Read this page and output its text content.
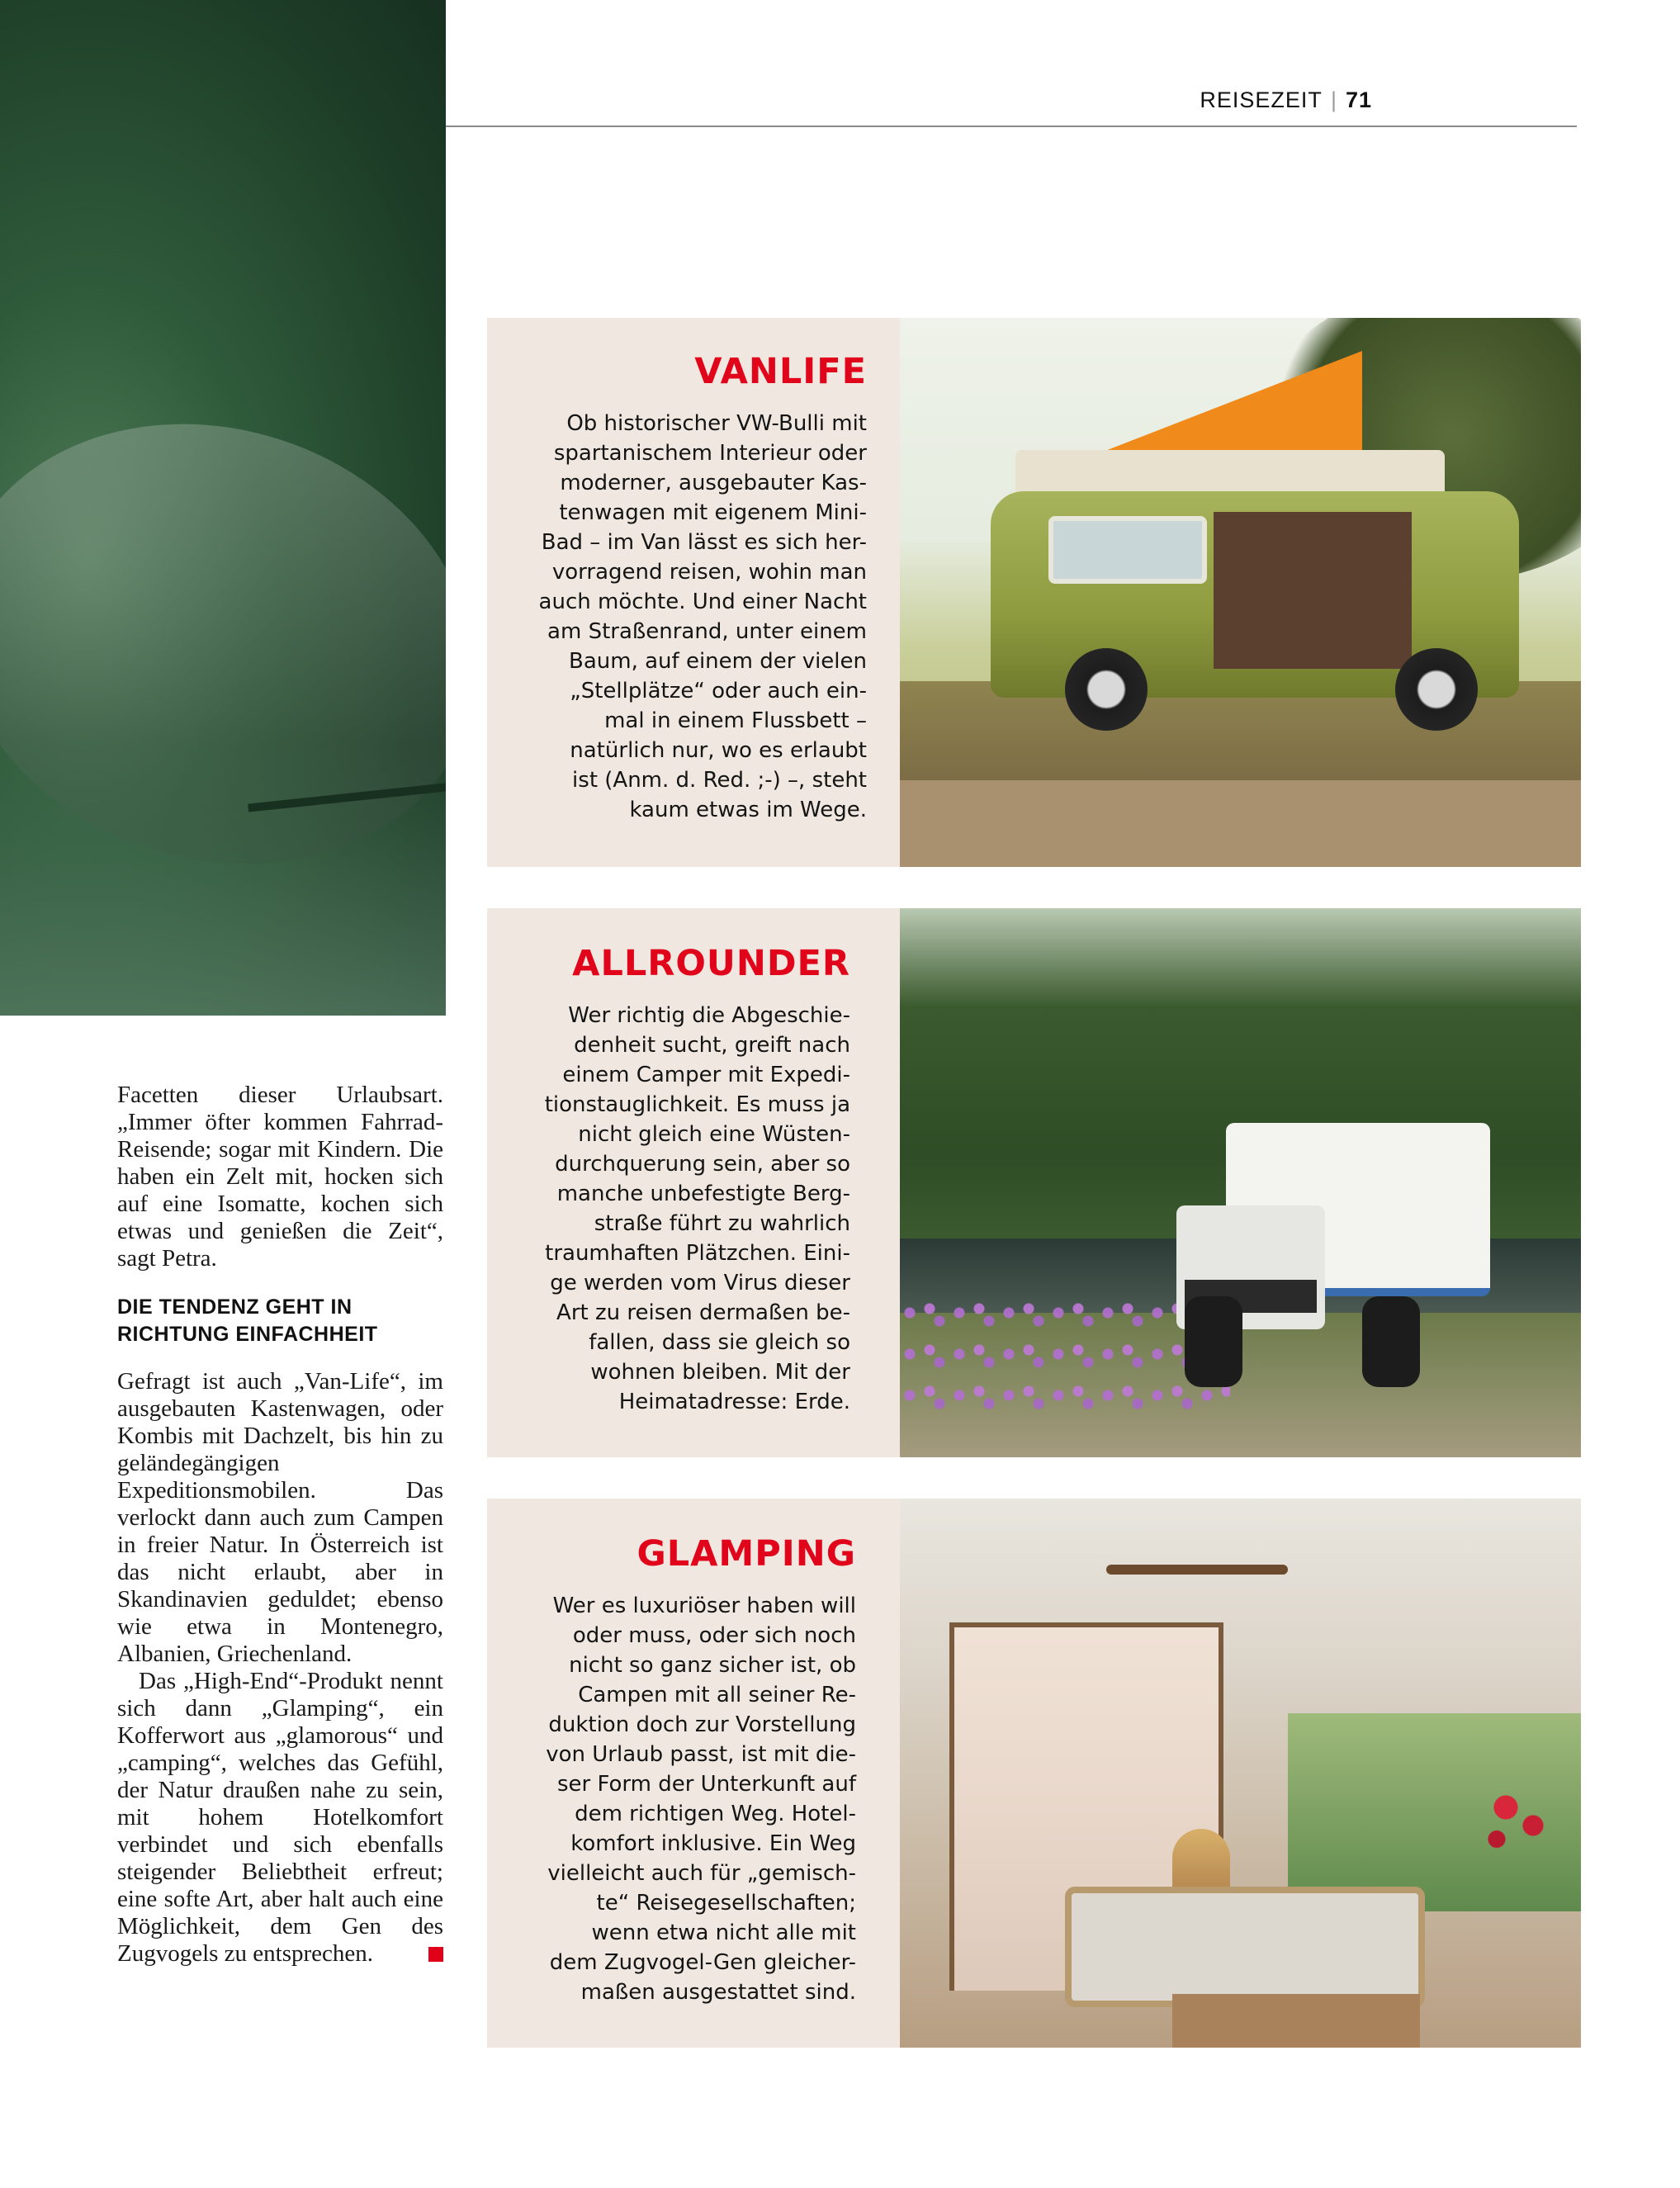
REISEZEIT | 71

Facetten dieser Urlaubsart. „Immer öfter kommen Fahrrad-Reisende; sogar mit Kindern. Die haben ein Zelt mit, hocken sich auf eine Isomatte, kochen sich etwas und genießen die Zeit“, sagt Petra.

DIE TENDENZ GEHT IN RICHTUNG EINFACHHEIT

Gefragt ist auch „Van-Life“, im ausgebauten Kastenwagen, oder Kombis mit Dachzelt, bis hin zu geländegängigen Expeditionsmobilen. Das verlockt dann auch zum Campen in freier Natur. In Österreich ist das nicht erlaubt, aber in Skandinavien geduldet; ebenso wie etwa in Montenegro, Albanien, Griechenland.

Das „High-End“-Produkt nennt sich dann „Glamping“, ein Kofferwort aus „glamorous“ und „camping“, welches das Gefühl, der Natur draußen nahe zu sein, mit hohem Hotelkomfort verbindet und sich ebenfalls steigender Beliebtheit erfreut; eine softe Art, aber halt auch eine Möglichkeit, dem Gen des Zugvogels zu entsprechen.

VANLIFE
Ob historischer VW-Bulli mit
spartanischem Interieur oder
moderner, ausgebauter Kas-
tenwagen mit eigenem Mini-
Bad – im Van lässt es sich her-
vorragend reisen, wohin man
auch möchte. Und einer Nacht
am Straßenrand, unter einem
Baum, auf einem der vielen
„Stellplätze“ oder auch ein-
mal in einem Flussbett –
natürlich nur, wo es erlaubt
ist (Anm. d. Red. ;-) –, steht
kaum etwas im Wege.
ALLROUNDER
Wer richtig die Abgeschie-
denheit sucht, greift nach
einem Camper mit Expedi-
tionstauglichkeit. Es muss ja
nicht gleich eine Wüsten-
durchquerung sein, aber so
manche unbefestigte Berg-
straße führt zu wahrlich
traumhaften Plätzchen. Eini-
ge werden vom Virus dieser
Art zu reisen dermaßen be-
fallen, dass sie gleich so
wohnen bleiben. Mit der
Heimatadresse: Erde.
GLAMPING
Wer es luxuriöser haben will
oder muss, oder sich noch
nicht so ganz sicher ist, ob
Campen mit all seiner Re-
duktion doch zur Vorstellung
von Urlaub passt, ist mit die-
ser Form der Unterkunft auf
dem richtigen Weg. Hotel-
komfort inklusive. Ein Weg
vielleicht auch für „gemisch-
te“ Reisegesellschaften;
wenn etwa nicht alle mit
dem Zugvogel-Gen gleicher-
maßen ausgestattet sind.
